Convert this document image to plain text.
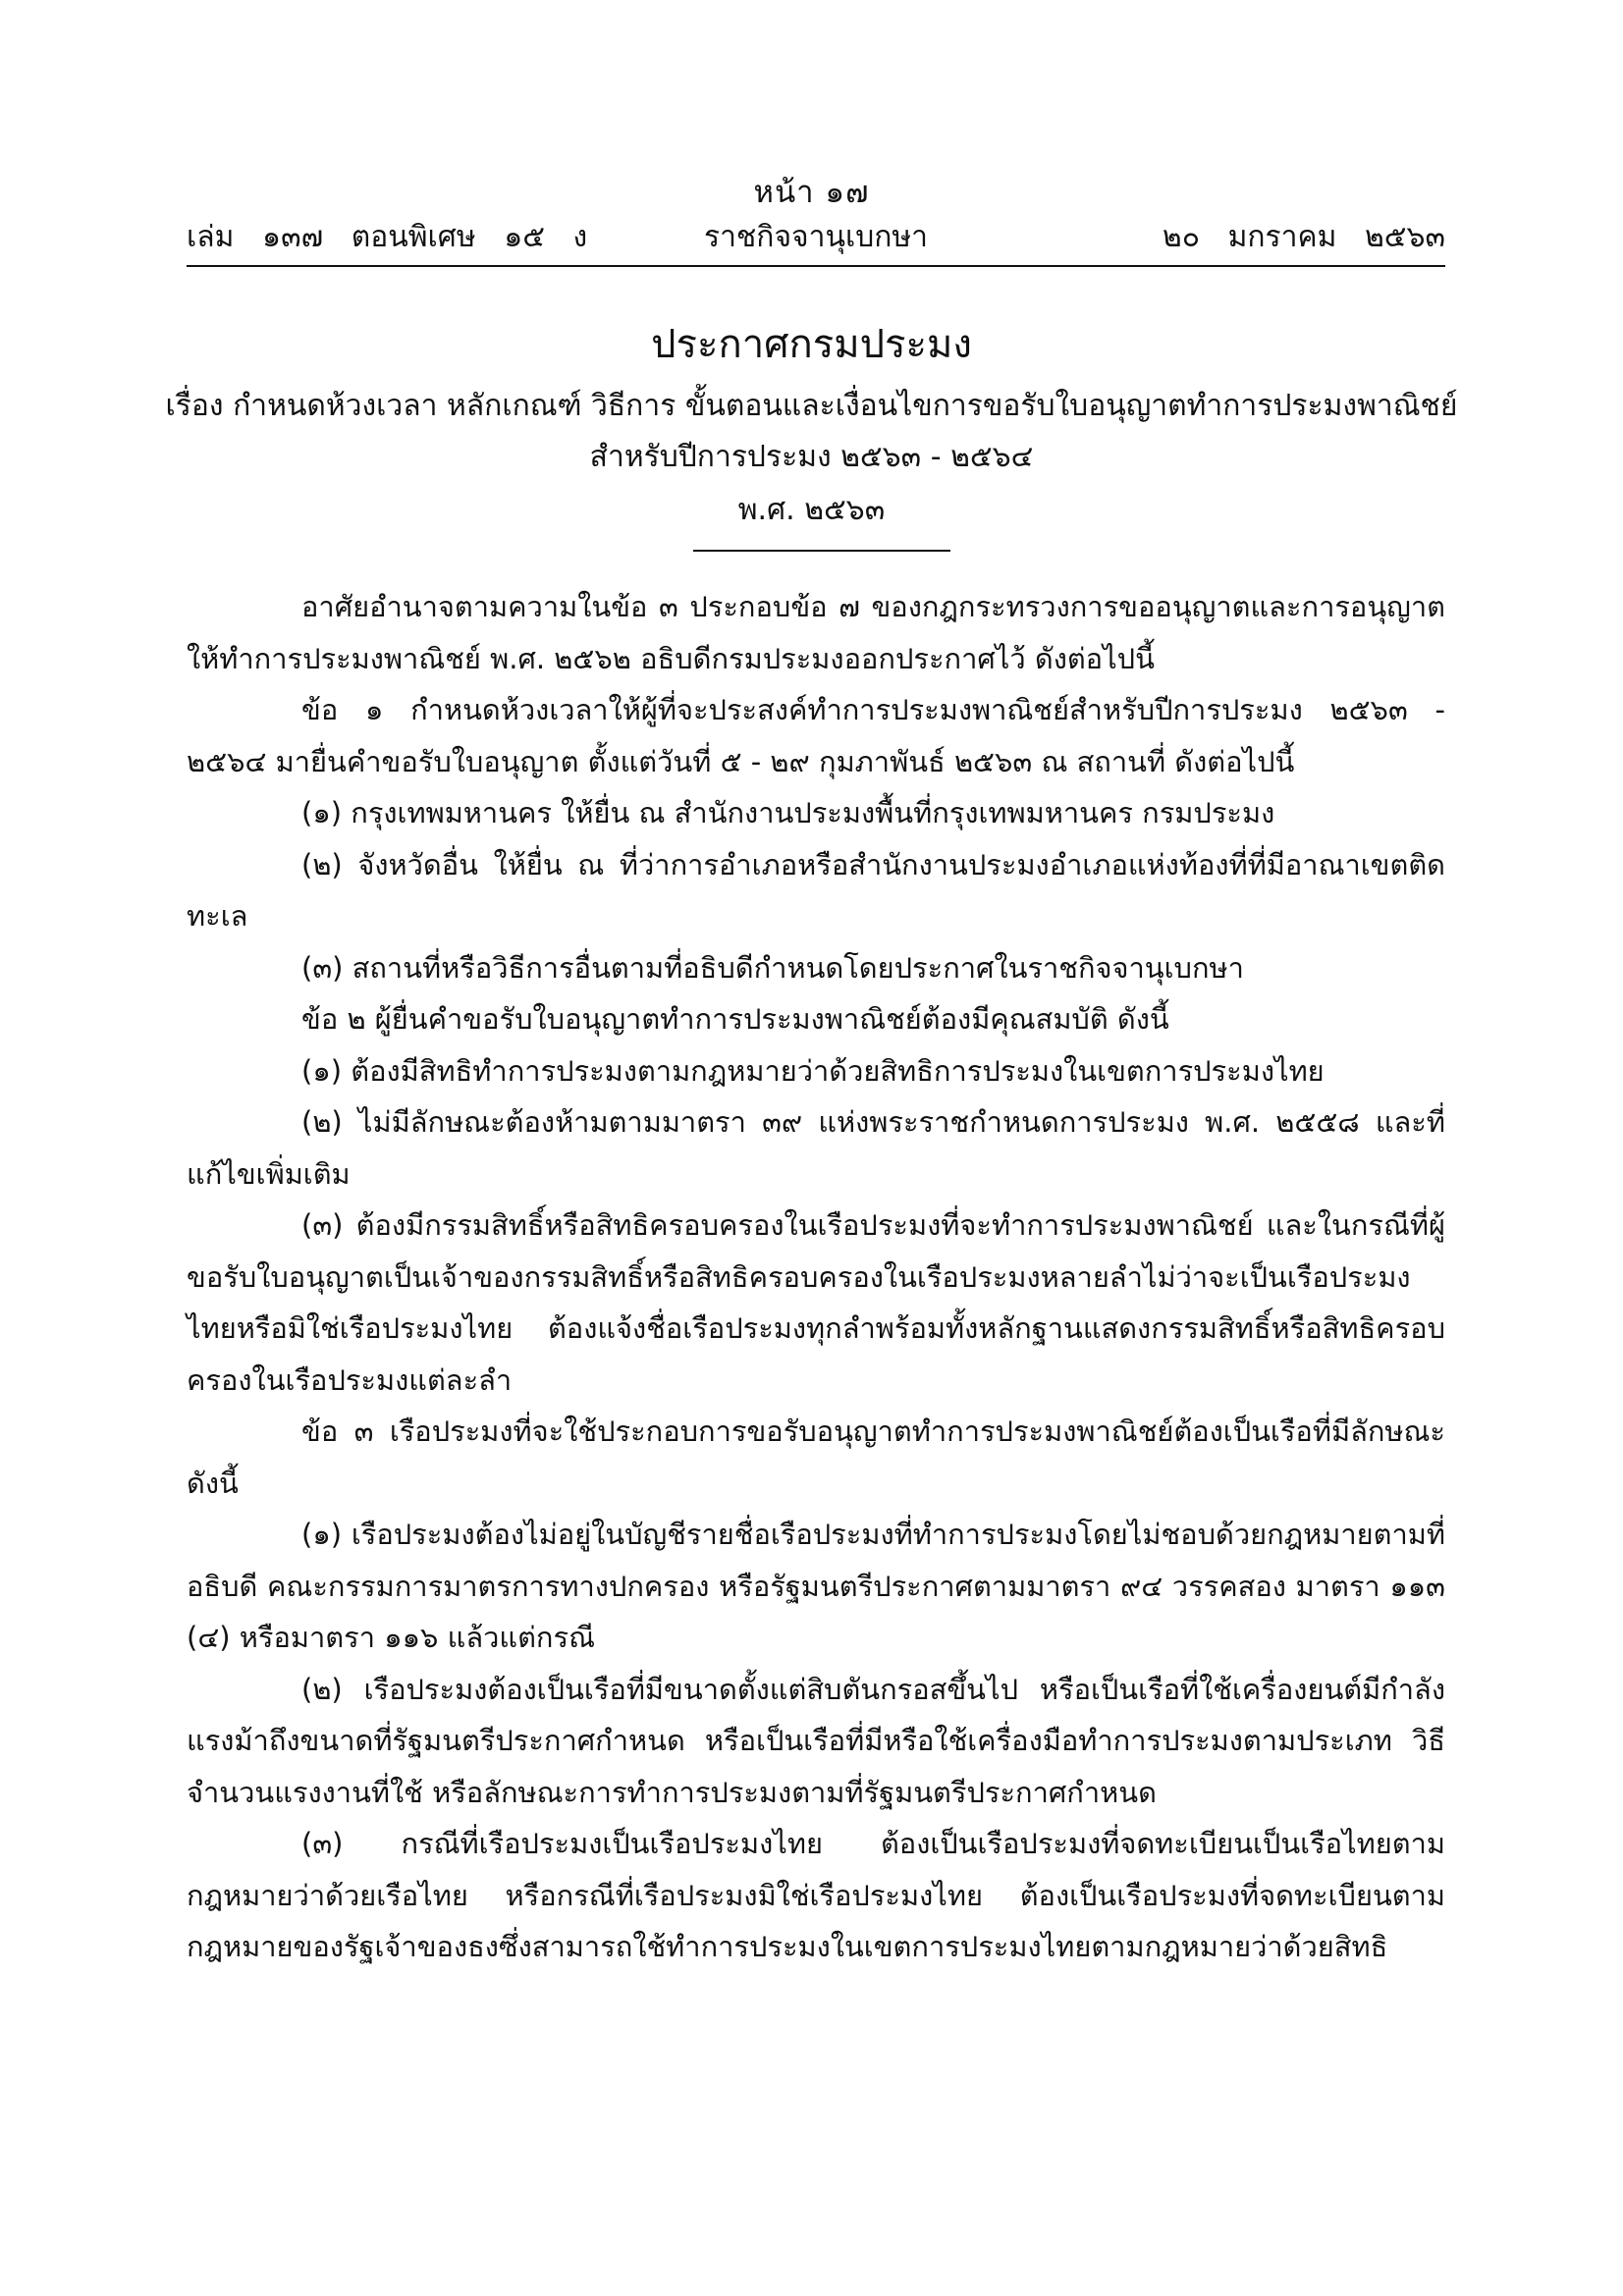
หน้า ๑๗
เล่ม   ๑๓๗   ตอนพิเศษ   ๑๕   ง	ราชกิจจานุเบกษา	๒๐   มกราคม   ๒๕๖๓
ประกาศกรมประมง
เรื่อง กำหนดห้วงเวลา หลักเกณฑ์ วิธีการ ขั้นตอนและเงื่อนไขการขอรับใบอนุญาตทำการประมงพาณิชย์
สำหรับปีการประมง ๒๕๖๓ - ๒๕๖๔
พ.ศ. ๒๕๖๓

อาศัยอำนาจตามความในข้อ ๓ ประกอบข้อ ๗ ของกฎกระทรวงการขออนุญาตและการอนุญาตให้ทำการประมงพาณิชย์ พ.ศ. ๒๕๖๒ อธิบดีกรมประมงออกประกาศไว้ ดังต่อไปนี้

ข้อ ๑ กำหนดห้วงเวลาให้ผู้ที่จะประสงค์ทำการประมงพาณิชย์สำหรับปีการประมง ๒๕๖๓ - ๒๕๖๔ มายื่นคำขอรับใบอนุญาต ตั้งแต่วันที่ ๕ - ๒๙ กุมภาพันธ์ ๒๕๖๓ ณ สถานที่ ดังต่อไปนี้

(๑) กรุงเทพมหานคร ให้ยื่น ณ สำนักงานประมงพื้นที่กรุงเทพมหานคร กรมประมง

(๒) จังหวัดอื่น ให้ยื่น ณ ที่ว่าการอำเภอหรือสำนักงานประมงอำเภอแห่งท้องที่ที่มีอาณาเขตติดทะเล

(๓) สถานที่หรือวิธีการอื่นตามที่อธิบดีกำหนดโดยประกาศในราชกิจจานุเบกษา

ข้อ ๒ ผู้ยื่นคำขอรับใบอนุญาตทำการประมงพาณิชย์ต้องมีคุณสมบัติ ดังนี้

(๑) ต้องมีสิทธิทำการประมงตามกฎหมายว่าด้วยสิทธิการประมงในเขตการประมงไทย

(๒) ไม่มีลักษณะต้องห้ามตามมาตรา ๓๙ แห่งพระราชกำหนดการประมง พ.ศ. ๒๕๕๘ และที่แก้ไขเพิ่มเติม

(๓) ต้องมีกรรมสิทธิ์หรือสิทธิครอบครองในเรือประมงที่จะทำการประมงพาณิชย์ และในกรณีที่ผู้ขอรับใบอนุญาตเป็นเจ้าของกรรมสิทธิ์หรือสิทธิครอบครองในเรือประมงหลายลำไม่ว่าจะเป็นเรือประมงไทยหรือมิใช่เรือประมงไทย ต้องแจ้งชื่อเรือประมงทุกลำพร้อมทั้งหลักฐานแสดงกรรมสิทธิ์หรือสิทธิครอบครองในเรือประมงแต่ละลำ

ข้อ ๓ เรือประมงที่จะใช้ประกอบการขอรับอนุญาตทำการประมงพาณิชย์ต้องเป็นเรือที่มีลักษณะ ดังนี้

(๑) เรือประมงต้องไม่อยู่ในบัญชีรายชื่อเรือประมงที่ทำการประมงโดยไม่ชอบด้วยกฎหมายตามที่อธิบดี คณะกรรมการมาตรการทางปกครอง หรือรัฐมนตรีประกาศตามมาตรา ๙๔ วรรคสอง มาตรา ๑๑๓ (๔) หรือมาตรา ๑๑๖ แล้วแต่กรณี

(๒) เรือประมงต้องเป็นเรือที่มีขนาดตั้งแต่สิบตันกรอสขึ้นไป หรือเป็นเรือที่ใช้เครื่องยนต์มีกำลังแรงม้าถึงขนาดที่รัฐมนตรีประกาศกำหนด หรือเป็นเรือที่มีหรือใช้เครื่องมือทำการประมงตามประเภท วิธี จำนวนแรงงานที่ใช้ หรือลักษณะการทำการประมงตามที่รัฐมนตรีประกาศกำหนด

(๓) กรณีที่เรือประมงเป็นเรือประมงไทย ต้องเป็นเรือประมงที่จดทะเบียนเป็นเรือไทยตามกฎหมายว่าด้วยเรือไทย หรือกรณีที่เรือประมงมิใช่เรือประมงไทย ต้องเป็นเรือประมงที่จดทะเบียนตามกฎหมายของรัฐเจ้าของธงซึ่งสามารถใช้ทำการประมงในเขตการประมงไทยตามกฎหมายว่าด้วยสิทธิ
